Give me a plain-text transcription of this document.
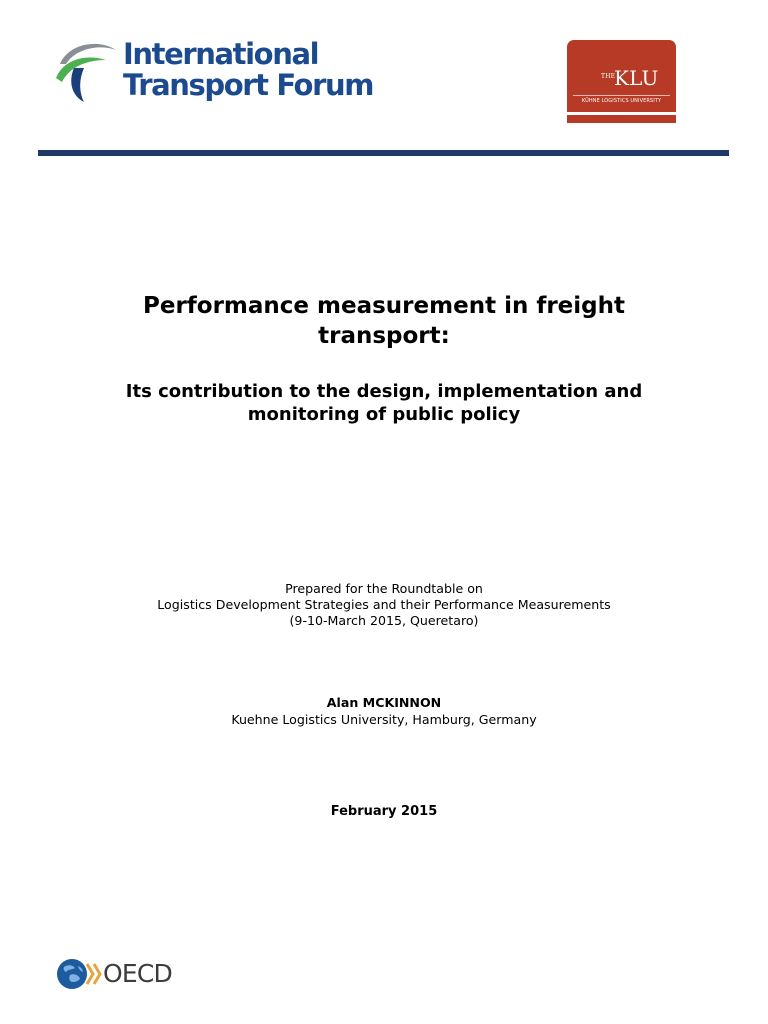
International
Transport Forum	THE
KLU
KÜHNE LOGISTICS UNIVERSITY
Performance measurement in freight
transport:
Its contribution to the design, implementation and
monitoring of public policy
Prepared for the Roundtable on
Logistics Development Strategies and their Performance Measurements
(9-10-March 2015, Queretaro)
Alan MCKINNON
Kuehne Logistics University, Hamburg, Germany
February 2015
OECD
